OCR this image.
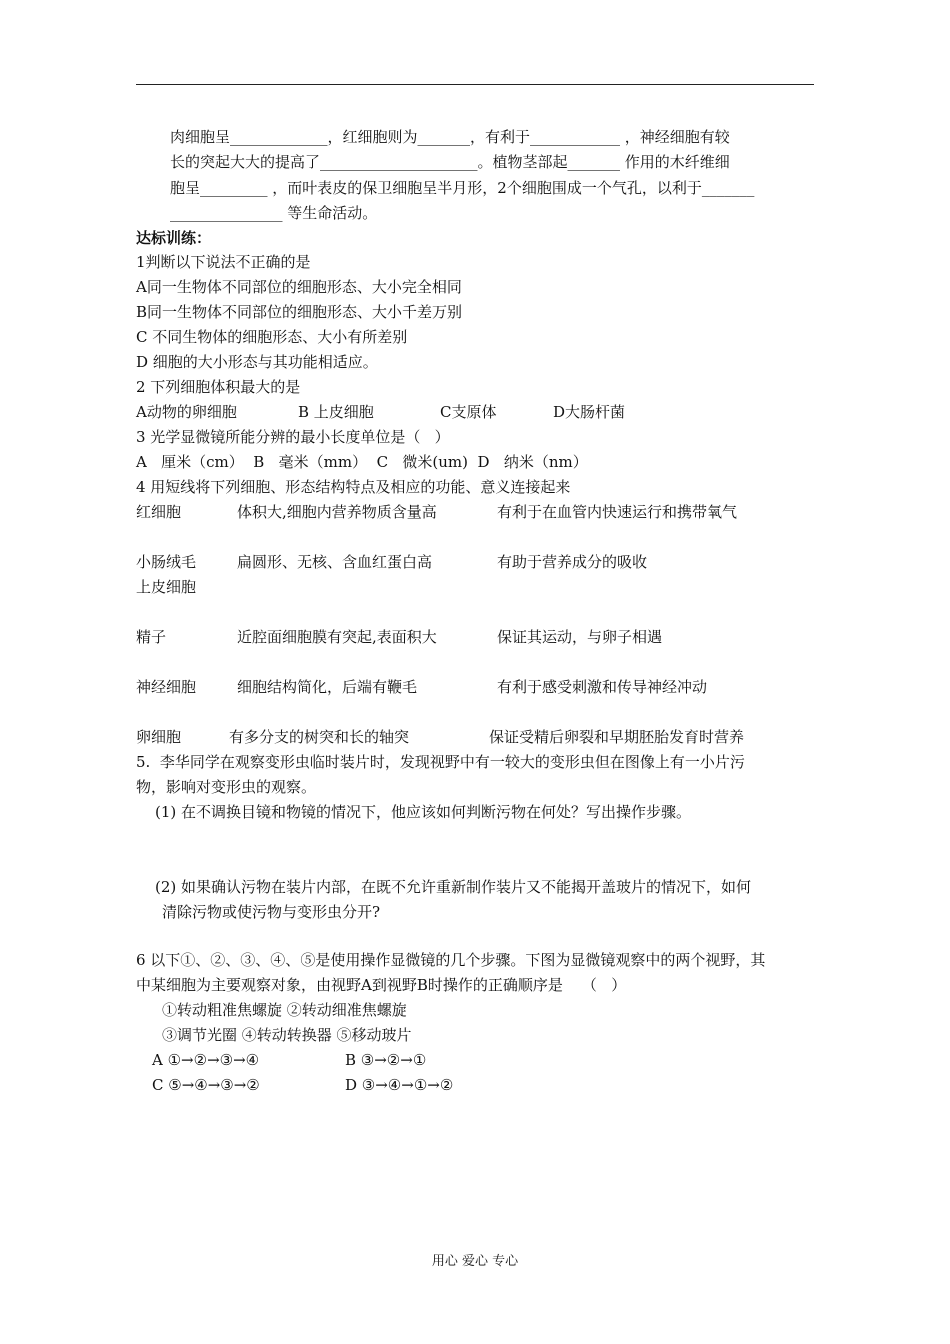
肉细胞呈_____________，红细胞则为_______，有利于____________ ，神经细胞有较
长的突起大大的提高了_____________________。植物茎部起_______ 作用的木纤维细
胞呈_________ ，而叶表皮的保卫细胞呈半月形，2个细胞围成一个气孔，以利于_______
_______________ 等生命活动。
达标训练：
1判断以下说法不正确的是
A同一生物体不同部位的细胞形态、大小完全相同
B同一生物体不同部位的细胞形态、大小千差万别
C 不同生物体的细胞形态、大小有所差别
D 细胞的大小形态与其功能相适应。
2 下列细胞体积最大的是
A动物的卵细胞	B 上皮细胞	C支原体	D大肠杆菌
3 光学显微镜所能分辨的最小长度单位是（   ）
A   厘米（cm）  B   毫米（mm）  C   微米(um)  D   纳米（nm）
4 用短线将下列细胞、形态结构特点及相应的功能、意义连接起来
红细胞	体积大,细胞内营养物质含量高	有利于在血管内快速运行和携带氧气
小肠绒毛	扁圆形、无核、含血红蛋白高	有助于营养成分的吸收
上皮细胞
精子	近腔面细胞膜有突起,表面积大	保证其运动，与卵子相遇
神经细胞	细胞结构简化，后端有鞭毛	有利于感受刺激和传导神经冲动
卵细胞	有多分支的树突和长的轴突	保证受精后卵裂和早期胚胎发育时营养
5.  李华同学在观察变形虫临时装片时，发现视野中有一较大的变形虫但在图像上有一小片污
物，影响对变形虫的观察。
(1) 在不调换目镜和物镜的情况下，他应该如何判断污物在何处？写出操作步骤。
(2) 如果确认污物在装片内部，在既不允许重新制作装片又不能揭开盖玻片的情况下，如何
清除污物或使污物与变形虫分开?
6 以下①、②、③、④、⑤是使用操作显微镜的几个步骤。下图为显微镜观察中的两个视野，其
中某细胞为主要观察对象，由视野A到视野B时操作的正确顺序是    （   ）
①转动粗准焦螺旋 ②转动细准焦螺旋
③调节光圈 ④转动转换器 ⑤移动玻片
A ①→②→③→④	B ③→②→①
C ⑤→④→③→②	D ③→④→①→②
用心 爱心 专心
